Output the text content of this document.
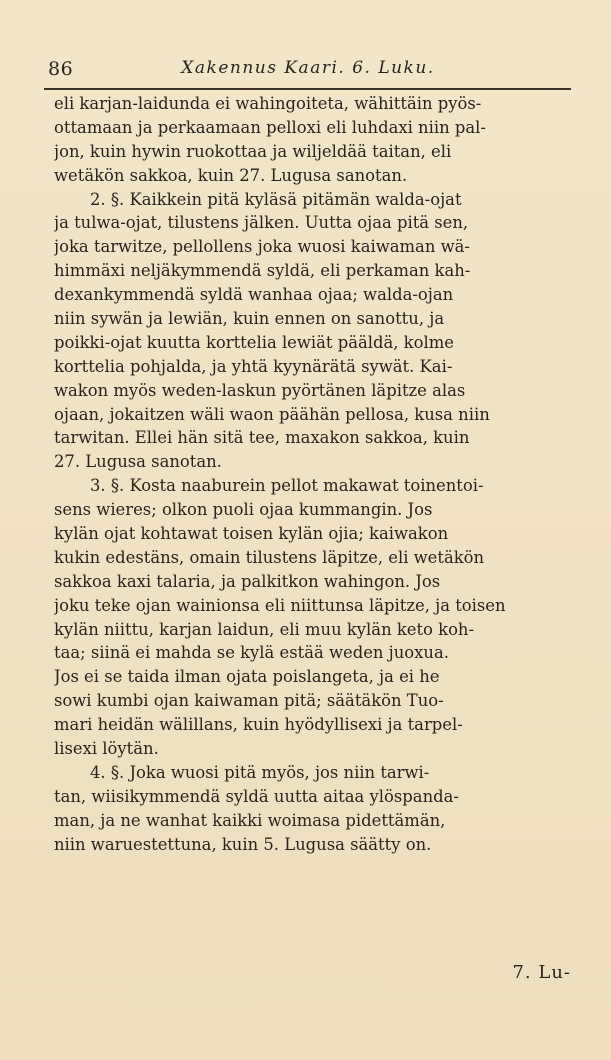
86	Xakennus Kaari. 6. Luku.
eli karjan-laidunda ei wahingoiteta, wähittäin pyös-
ottamaan ja perkaamaan pelloxi eli luhdaxi niin pal-
jon, kuin hywin ruokottaa ja wiljeldää taitan, eli
wetäkön sakkoa, kuin 27. Lugusa sanotan.
2. §. Kaikkein pitä kyläsä pitämän walda-ojat
ja tulwa-ojat, tilustens jälken. Uutta ojaa pitä sen,
joka tarwitze, pellollens joka wuosi kaiwaman wä-
himmäxi neljäkymmendä syldä, eli perkaman kah-
dexankymmendä syldä wanhaa ojaa; walda-ojan
niin sywän ja lewiän, kuin ennen on sanottu, ja
poikki-ojat kuutta korttelia lewiät pääldä, kolme
korttelia pohjalda, ja yhtä kyynärätä sywät. Kai-
wakon myös weden-laskun pyörtänen läpitze alas
ojaan, jokaitzen wäli waon päähän pellosa, kusa niin
tarwitan. Ellei hän sitä tee, maxakon sakkoa, kuin
27. Lugusa sanotan.
3. §. Kosta naaburein pellot makawat toinentoi-
sens wieres; olkon puoli ojaa kummangin. Jos
kylän ojat kohtawat toisen kylän ojia; kaiwakon
kukin edestäns, omain tilustens läpitze, eli wetäkön
sakkoa kaxi talaria, ja palkitkon wahingon. Jos
joku teke ojan wainionsa eli niittunsa läpitze, ja toisen
kylän niittu, karjan laidun, eli muu kylän keto koh-
taa; siinä ei mahda se kylä estää weden juoxua.
Jos ei se taida ilman ojata poislangeta, ja ei he
sowi kumbi ojan kaiwaman pitä; säätäkön Tuo-
mari heidän wälillans, kuin hyödyllisexi ja tarpel-
lisexi löytän.
4. §. Joka wuosi pitä myös, jos niin tarwi-
tan, wiisikymmendä syldä uutta aitaa ylöspanda-
man, ja ne wanhat kaikki woimasa pidettämän,
niin waruestettuna, kuin 5. Lugusa säätty on.
7. Lu-
